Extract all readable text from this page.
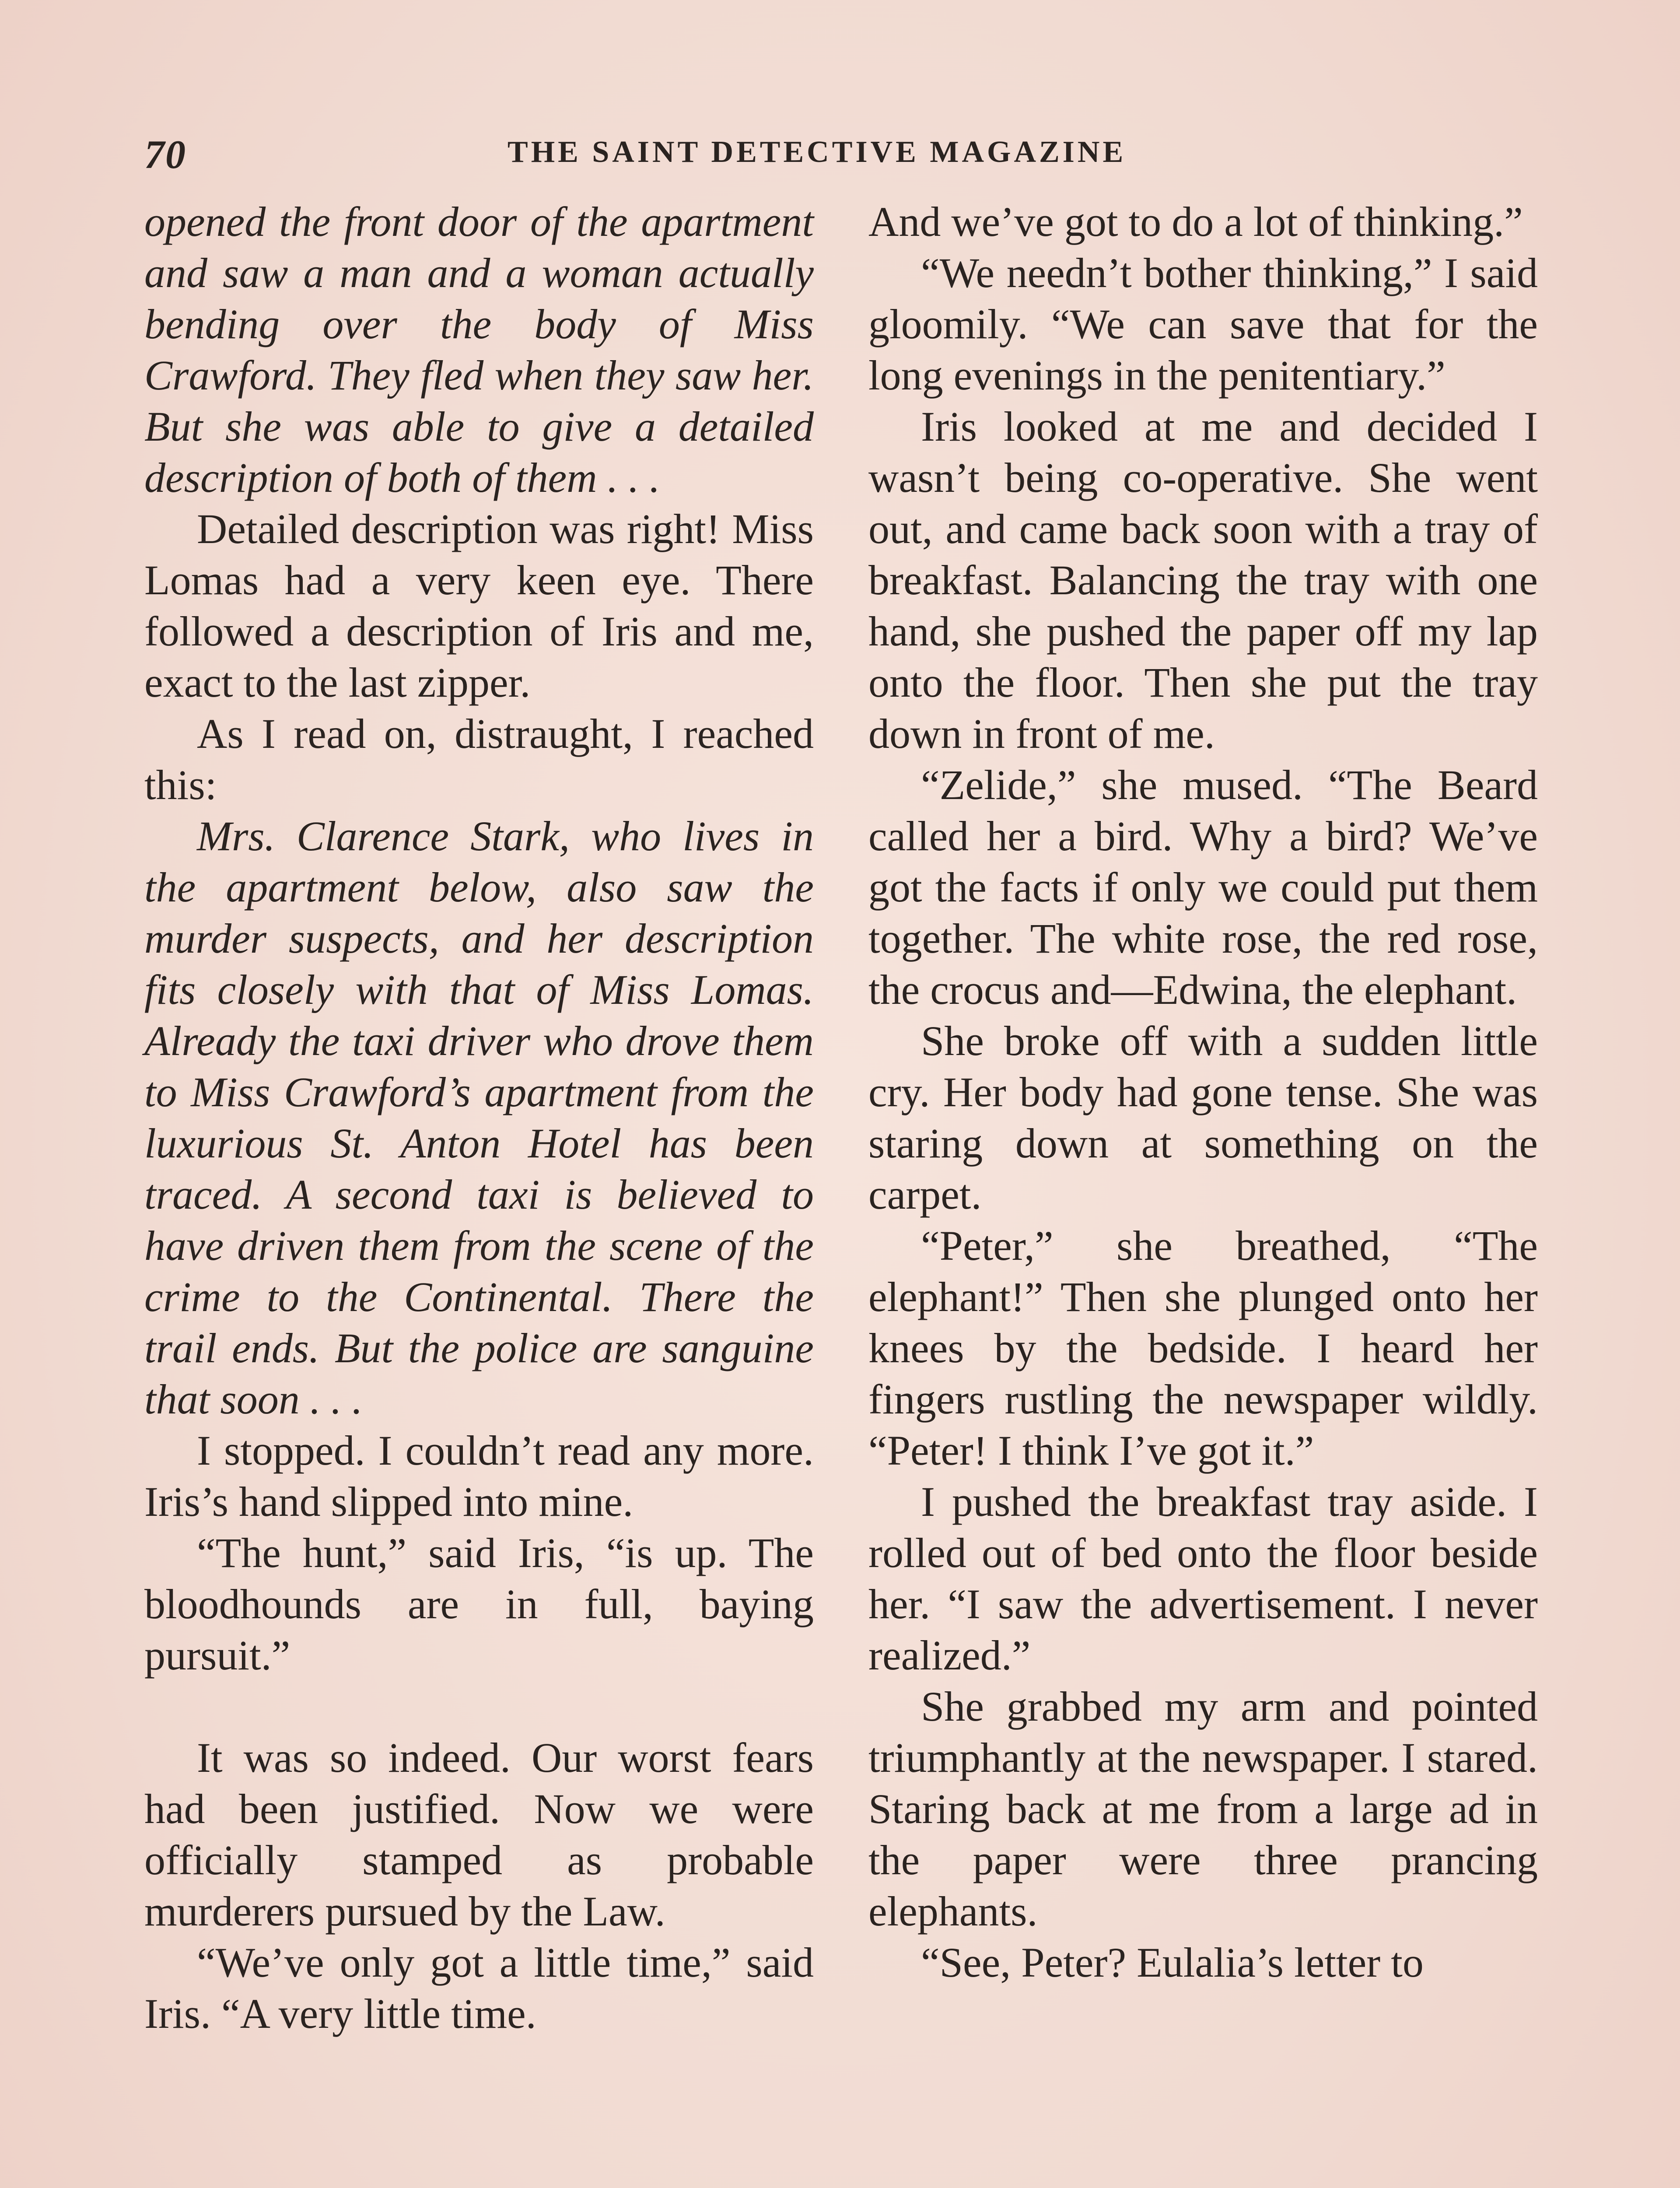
70	THE SAINT DETECTIVE MAGAZINE

opened the front door of the apartment and saw a man and a woman actually bending over the body of Miss Crawford. They fled when they saw her. But she was able to give a detailed description of both of them . . .

Detailed description was right! Miss Lomas had a very keen eye. There followed a description of Iris and me, exact to the last zipper.

As I read on, distraught, I reached this:

Mrs. Clarence Stark, who lives in the apartment below, also saw the murder suspects, and her description fits closely with that of Miss Lomas. Already the taxi driver who drove them to Miss Crawford’s apartment from the luxurious St. Anton Hotel has been traced. A second taxi is believed to have driven them from the scene of the crime to the Continental. There the trail ends. But the police are sanguine that soon . . .

I stopped. I couldn’t read any more. Iris’s hand slipped into mine.

“The hunt,” said Iris, “is up. The bloodhounds are in full, baying pursuit.”

It was so indeed. Our worst fears had been justified. Now we were officially stamped as probable murderers pursued by the Law.

“We’ve only got a little time,” said Iris. “A very little time.

And we’ve got to do a lot of thinking.”

“We needn’t bother thinking,” I said gloomily. “We can save that for the long evenings in the penitentiary.”

Iris looked at me and decided I wasn’t being co-operative. She went out, and came back soon with a tray of breakfast. Balancing the tray with one hand, she pushed the paper off my lap onto the floor. Then she put the tray down in front of me.

“Zelide,” she mused. “The Beard called her a bird. Why a bird? We’ve got the facts if only we could put them together. The white rose, the red rose, the crocus and—Edwina, the elephant.

She broke off with a sudden little cry. Her body had gone tense. She was staring down at something on the carpet.

“Peter,” she breathed, “The elephant!” Then she plunged onto her knees by the bedside. I heard her fingers rustling the newspaper wildly. “Peter! I think I’ve got it.”

I pushed the breakfast tray aside. I rolled out of bed onto the floor beside her. “I saw the advertisement. I never realized.”

She grabbed my arm and pointed triumphantly at the newspaper. I stared. Staring back at me from a large ad in the paper were three prancing elephants.

“See, Peter? Eulalia’s letter to
